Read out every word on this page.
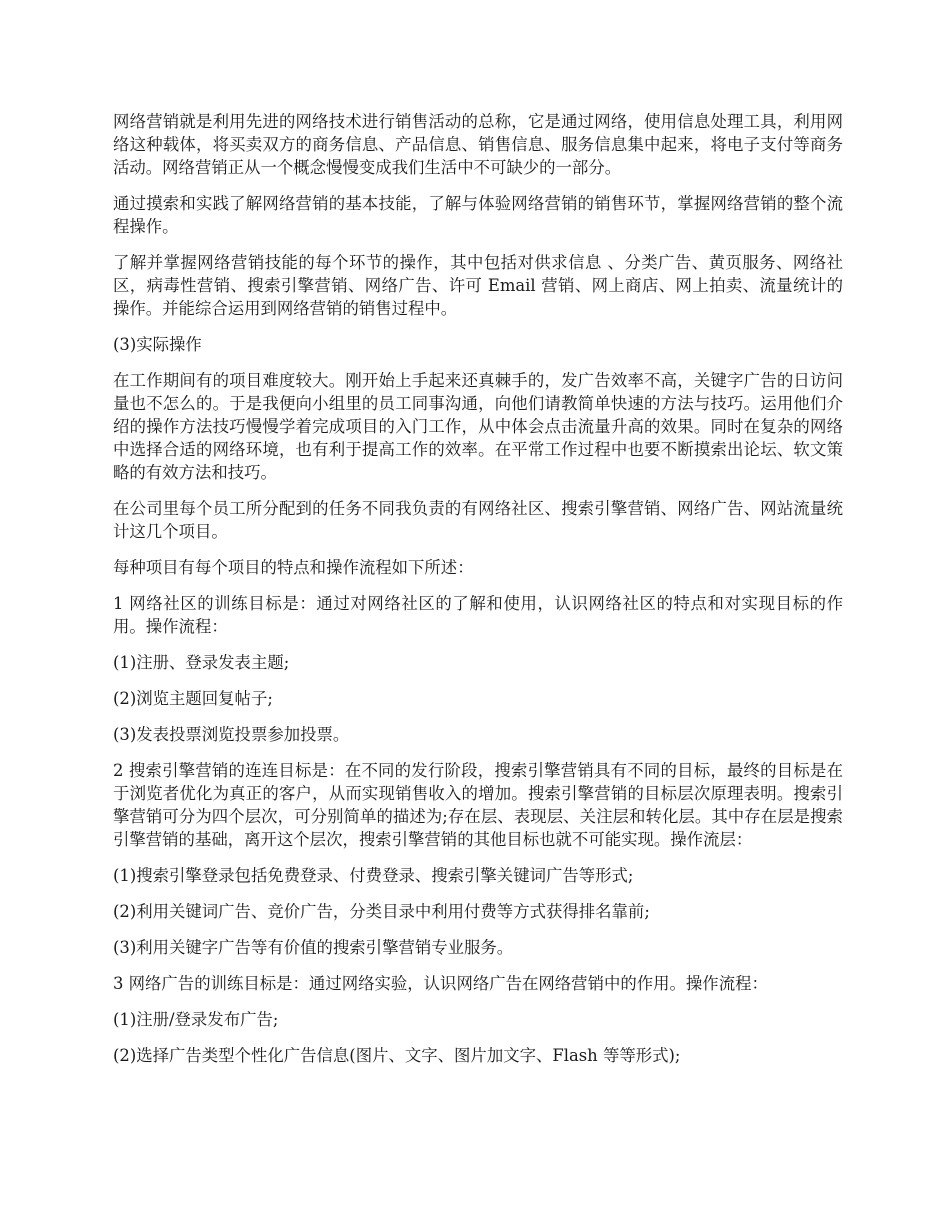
网络营销就是利用先进的网络技术进行销售活动的总称，它是通过网络，使用信息处理工具，利用网络这种载体，将买卖双方的商务信息、产品信息、销售信息、服务信息集中起来，将电子支付等商务活动。网络营销正从一个概念慢慢变成我们生活中不可缺少的一部分。

通过摸索和实践了解网络营销的基本技能，了解与体验网络营销的销售环节，掌握网络营销的整个流程操作。

了解并掌握网络营销技能的每个环节的操作，其中包括对供求信息 、分类广告、黄页服务、网络社区，病毒性营销、搜索引擎营销、网络广告、许可 Email 营销、网上商店、网上拍卖、流量统计的操作。并能综合运用到网络营销的销售过程中。

(3)实际操作

在工作期间有的项目难度较大。刚开始上手起来还真棘手的，发广告效率不高，关键字广告的日访问量也不怎么的。于是我便向小组里的员工同事沟通，向他们请教简单快速的方法与技巧。运用他们介绍的操作方法技巧慢慢学着完成项目的入门工作，从中体会点击流量升高的效果。同时在复杂的网络中选择合适的网络环境，也有利于提高工作的效率。在平常工作过程中也要不断摸索出论坛、软文策略的有效方法和技巧。

在公司里每个员工所分配到的任务不同我负责的有网络社区、搜索引擎营销、网络广告、网站流量统计这几个项目。

每种项目有每个项目的特点和操作流程如下所述：

1 网络社区的训练目标是：通过对网络社区的了解和使用，认识网络社区的特点和对实现目标的作用。操作流程：

(1)注册、登录发表主题;

(2)浏览主题回复帖子;

(3)发表投票浏览投票参加投票。

2 搜索引擎营销的连连目标是：在不同的发行阶段，搜索引擎营销具有不同的目标，最终的目标是在于浏览者优化为真正的客户，从而实现销售收入的增加。搜索引擎营销的目标层次原理表明。搜索引擎营销可分为四个层次，可分别简单的描述为;存在层、表现层、关注层和转化层。其中存在层是搜索引擎营销的基础，离开这个层次，搜索引擎营销的其他目标也就不可能实现。操作流层：

(1)搜索引擎登录包括免费登录、付费登录、搜索引擎关键词广告等形式;

(2)利用关键词广告、竞价广告，分类目录中利用付费等方式获得排名靠前;

(3)利用关键字广告等有价值的搜索引擎营销专业服务。

3 网络广告的训练目标是：通过网络实验，认识网络广告在网络营销中的作用。操作流程：

(1)注册/登录发布广告;

(2)选择广告类型个性化广告信息(图片、文字、图片加文字、Flash 等等形式);
